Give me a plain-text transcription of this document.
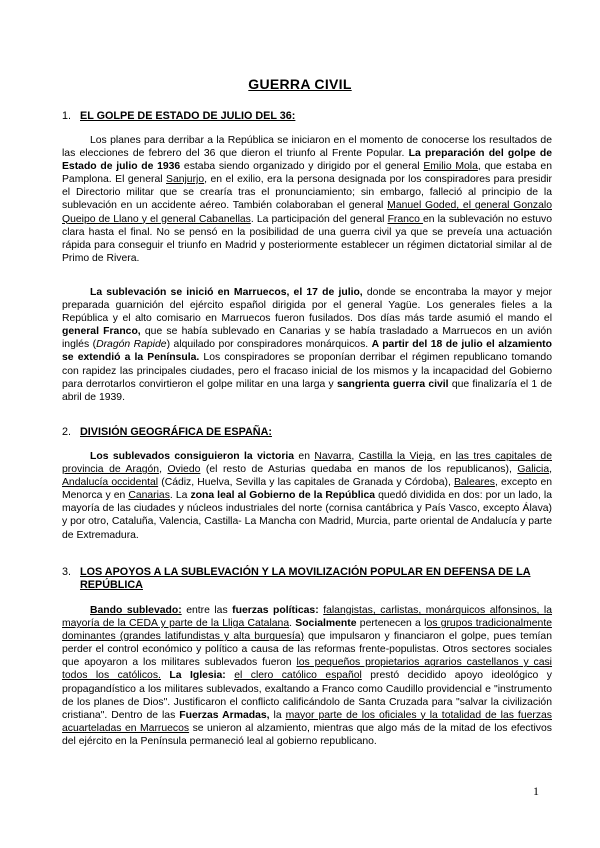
GUERRA CIVIL
1. EL GOLPE DE ESTADO DE JULIO DEL 36:
Los planes para derribar a la República se iniciaron en el momento de conocerse los resultados de las elecciones de febrero del 36 que dieron el triunfo al Frente Popular. La preparación del golpe de Estado de julio de 1936 estaba siendo organizado y dirigido por el general Emilio Mola, que estaba en Pamplona. El general Sanjurjo, en el exilio, era la persona designada por los conspiradores para presidir el Directorio militar que se crearía tras el pronunciamiento; sin embargo, falleció al principio de la sublevación en un accidente aéreo. También colaboraban el general Manuel Goded, el general Gonzalo Queipo de Llano y el general Cabanellas. La participación del general Franco en la sublevación no estuvo clara hasta el final. No se pensó en la posibilidad de una guerra civil ya que se preveía una actuación rápida para conseguir el triunfo en Madrid y posteriormente establecer un régimen dictatorial similar al de Primo de Rivera.
La sublevación se inició en Marruecos, el 17 de julio, donde se encontraba la mayor y mejor preparada guarnición del ejército español dirigida por el general Yagüe. Los generales fieles a la República y el alto comisario en Marruecos fueron fusilados. Dos días más tarde asumió el mando el general Franco, que se había sublevado en Canarias y se había trasladado a Marruecos en un avión inglés (Dragón Rapide) alquilado por conspiradores monárquicos. A partir del 18 de julio el alzamiento se extendió a la Península. Los conspiradores se proponían derribar el régimen republicano tomando con rapidez las principales ciudades, pero el fracaso inicial de los mismos y la incapacidad del Gobierno para derrotarlos convirtieron el golpe militar en una larga y sangrienta guerra civil que finalizaría el 1 de abril de 1939.
2. DIVISIÓN GEOGRÁFICA DE ESPAÑA:
Los sublevados consiguieron la victoria en Navarra, Castilla la Vieja, en las tres capitales de provincia de Aragón, Oviedo (el resto de Asturias quedaba en manos de los republicanos), Galicia, Andalucía occidental (Cádiz, Huelva, Sevilla y las capitales de Granada y Córdoba), Baleares, excepto en Menorca y en Canarias. La zona leal al Gobierno de la República quedó dividida en dos: por un lado, la mayoría de las ciudades y núcleos industriales del norte (cornisa cantábrica y País Vasco, excepto Álava) y por otro, Cataluña, Valencia, Castilla- La Mancha con Madrid, Murcia, parte oriental de Andalucía y parte de Extremadura.
3. LOS APOYOS A LA SUBLEVACIÓN Y LA MOVILIZACIÓN POPULAR EN DEFENSA DE LA REPÚBLICA
Bando sublevado: entre las fuerzas políticas: falangistas, carlistas, monárquicos alfonsinos, la mayoría de la CEDA y parte de la Lliga Catalana. Socialmente pertenecen a los grupos tradicionalmente dominantes (grandes latifundistas y alta burguesía) que impulsaron y financiaron el golpe, pues temían perder el control económico y político a causa de las reformas frente-populistas. Otros sectores sociales que apoyaron a los militares sublevados fueron los pequeños propietarios agrarios castellanos y casi todos los católicos. La Iglesia: el clero católico español prestó decidido apoyo ideológico y propagandístico a los militares sublevados, exaltando a Franco como Caudillo providencial e "instrumento de los planes de Dios". Justificaron el conflicto calificándolo de Santa Cruzada para "salvar la civilización cristiana". Dentro de las Fuerzas Armadas, la mayor parte de los oficiales y la totalidad de las fuerzas acuarteladas en Marruecos se unieron al alzamiento, mientras que algo más de la mitad de los efectivos del ejército en la Península permaneció leal al gobierno republicano.
1
